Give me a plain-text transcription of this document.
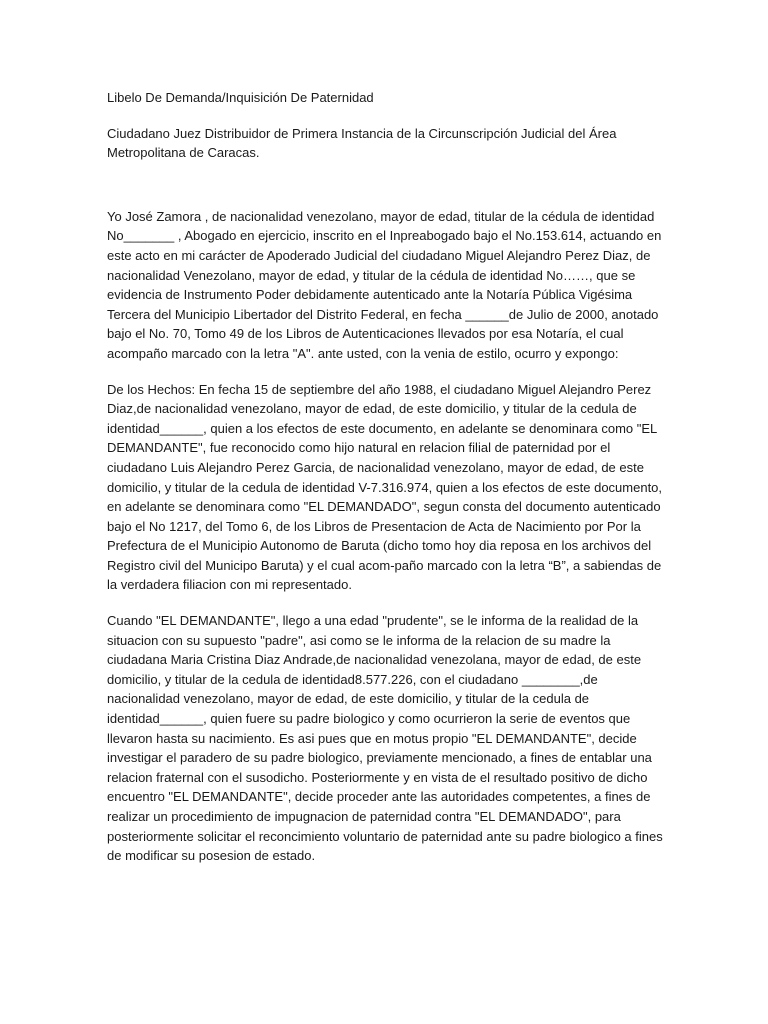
Libelo De Demanda/Inquisición De Paternidad

Ciudadano Juez Distribuidor de Primera Instancia de la Circunscripción Judicial del Área Metropolitana de Caracas.

Yo José Zamora , de nacionalidad venezolano, mayor de edad, titular de la cédula de identidad No_______ , Abogado en ejercicio, inscrito en el Inpreabogado bajo el No.153.614, actuando en este acto en mi carácter de Apoderado Judicial del ciudadano Miguel Alejandro Perez Diaz, de nacionalidad Venezolano, mayor de edad, y titular de la cédula de identidad No……, que se evidencia de Instrumento Poder debidamente autenticado ante la Notaría Pública Vigésima Tercera del Municipio Libertador del Distrito Federal, en fecha ______de Julio de 2000, anotado bajo el No. 70, Tomo 49 de los Libros de Autenticaciones llevados por esa Notaría, el cual acompaño marcado con la letra "A". ante usted, con la venia de estilo, ocurro y expongo:

De los Hechos: En fecha 15 de septiembre del año 1988, el ciudadano Miguel Alejandro Perez Diaz,de nacionalidad venezolano, mayor de edad, de este domicilio, y titular de la cedula de identidad______, quien a los efectos de este documento, en adelante se denominara como "EL DEMANDANTE", fue reconocido como hijo natural en relacion filial de paternidad por el ciudadano Luis Alejandro Perez Garcia, de nacionalidad venezolano, mayor de edad, de este domicilio, y titular de la cedula de identidad V-7.316.974, quien a los efectos de este documento, en adelante se denominara como "EL DEMANDADO", segun consta del documento autenticado bajo el No 1217, del Tomo 6, de los Libros de Presentacion de Acta de Nacimiento por Por la Prefectura de el Municipio Autonomo de Baruta (dicho tomo hoy dia reposa en los archivos del Registro civil del Municipo Baruta) y el cual acom-paño marcado con la letra “B”, a sabiendas de la verdadera filiacion con mi representado.

Cuando "EL DEMANDANTE", llego a una edad "prudente", se le informa de la realidad de la situacion con su supuesto "padre", asi como se le informa de la relacion de su madre la ciudadana Maria Cristina Diaz Andrade,de nacionalidad venezolana, mayor de edad, de este domicilio, y titular de la cedula de identidad8.577.226, con el ciudadano ________,de nacionalidad venezolano, mayor de edad, de este domicilio, y titular de la cedula de identidad______, quien fuere su padre biologico y como ocurrieron la serie de eventos que llevaron hasta su nacimiento. Es asi pues que en motus propio "EL DEMANDANTE", decide investigar el paradero de su padre biologico, previamente mencionado, a fines de entablar una relacion fraternal con el susodicho. Posteriormente y en vista de el resultado positivo de dicho encuentro "EL DEMANDANTE", decide proceder ante las autoridades competentes, a fines de realizar un procedimiento de impugnacion de paternidad contra "EL DEMANDADO", para posteriormente solicitar el reconcimiento voluntario de paternidad ante su padre biologico a fines de modificar su posesion de estado.
